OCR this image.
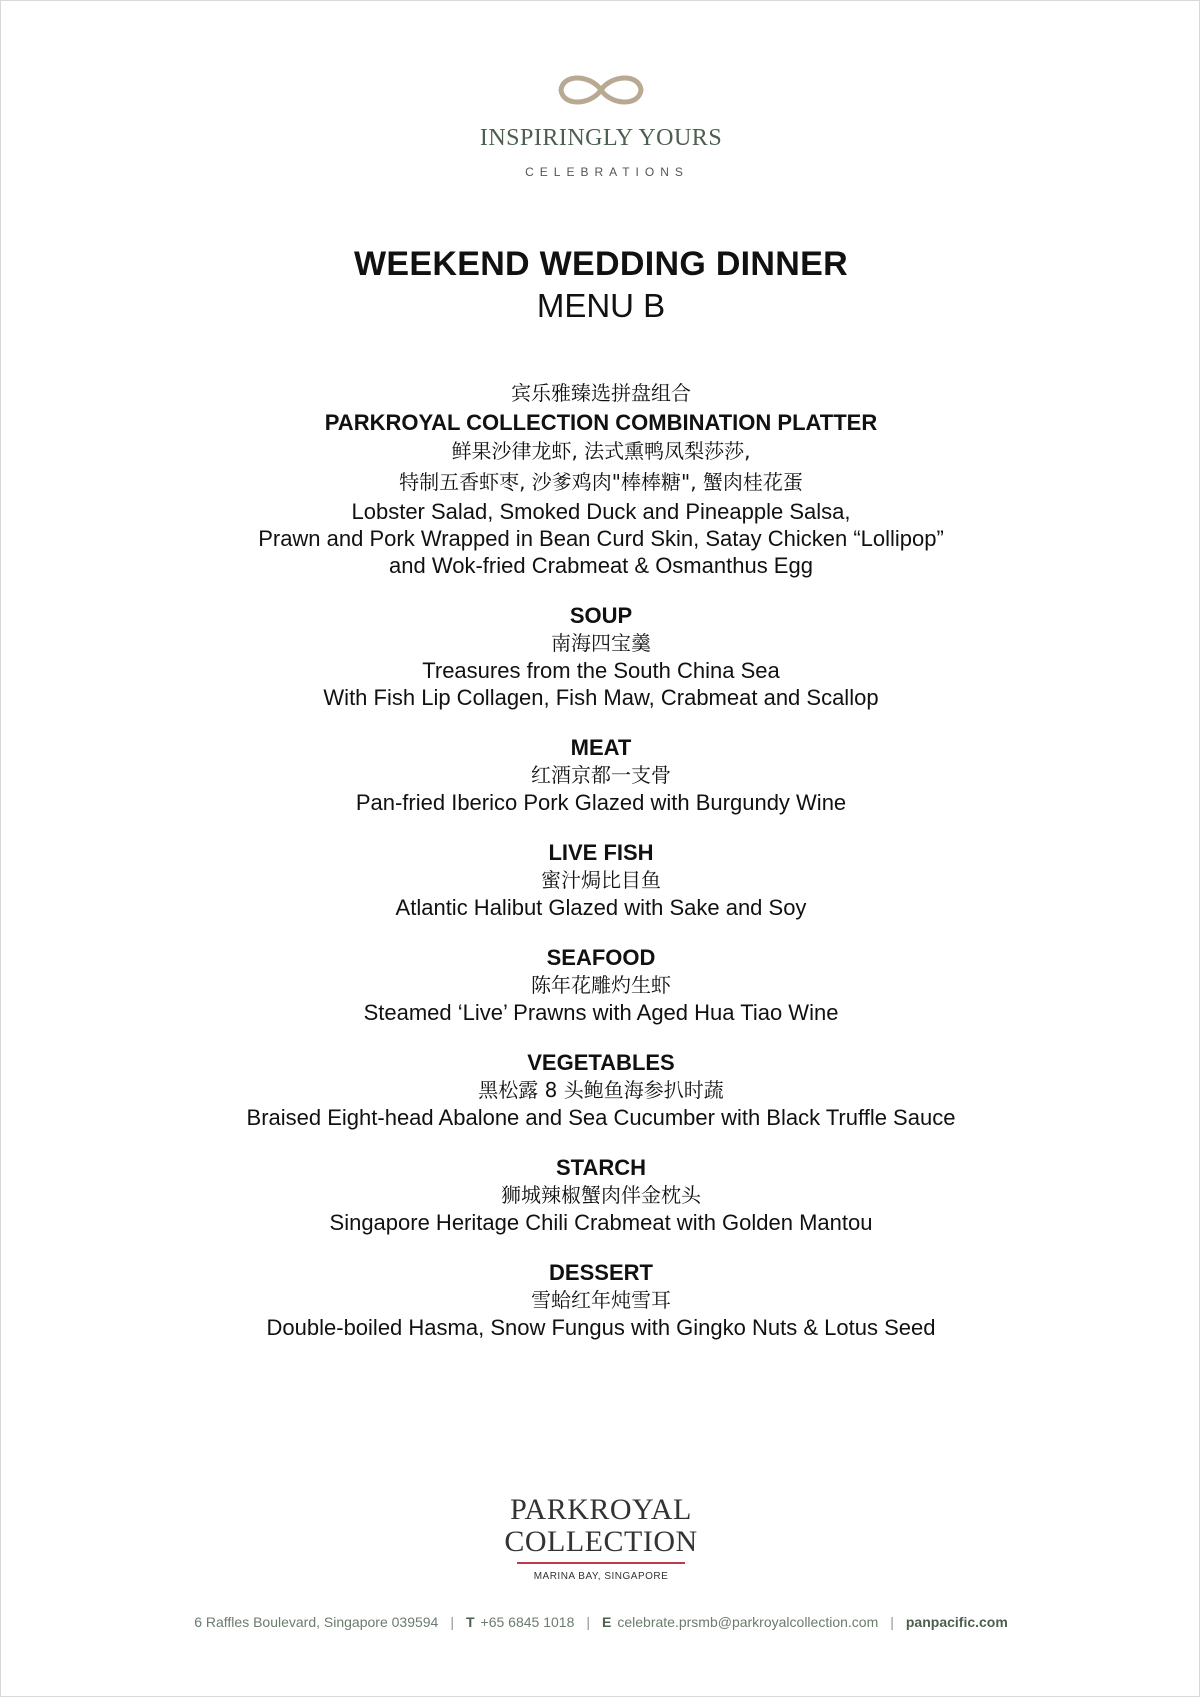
INSPIRINGLY YOURS
CELEBRATIONS
WEEKEND WEDDING DINNER
MENU B
宾乐雅臻选拼盘组合
PARKROYAL COLLECTION COMBINATION PLATTER
鲜果沙律龙虾, 法式熏鸭凤梨莎莎,
特制五香虾枣, 沙爹鸡肉"棒棒糖", 蟹肉桂花蛋
Lobster Salad, Smoked Duck and Pineapple Salsa,
Prawn and Pork Wrapped in Bean Curd Skin, Satay Chicken “Lollipop”
and Wok-fried Crabmeat & Osmanthus Egg
SOUP
南海四宝羹
Treasures from the South China Sea
With Fish Lip Collagen, Fish Maw, Crabmeat and Scallop
MEAT
红酒京都一支骨
Pan-fried Iberico Pork Glazed with Burgundy Wine
LIVE FISH
蜜汁焗比目鱼
Atlantic Halibut Glazed with Sake and Soy
SEAFOOD
陈年花雕灼生虾
Steamed ‘Live’ Prawns with Aged Hua Tiao Wine
VEGETABLES
黑松露 8 头鲍鱼海参扒时蔬
Braised Eight-head Abalone and Sea Cucumber with Black Truffle Sauce
STARCH
狮城辣椒蟹肉伴金枕头
Singapore Heritage Chili Crabmeat with Golden Mantou
DESSERT
雪蛤红年炖雪耳
Double-boiled Hasma, Snow Fungus with Gingko Nuts & Lotus Seed
PARKROYAL
COLLECTION
MARINA BAY, SINGAPORE
6 Raffles Boulevard, Singapore 039594 | T +65 6845 1018 | E celebrate.prsmb@parkroyalcollection.com | panpacific.com
